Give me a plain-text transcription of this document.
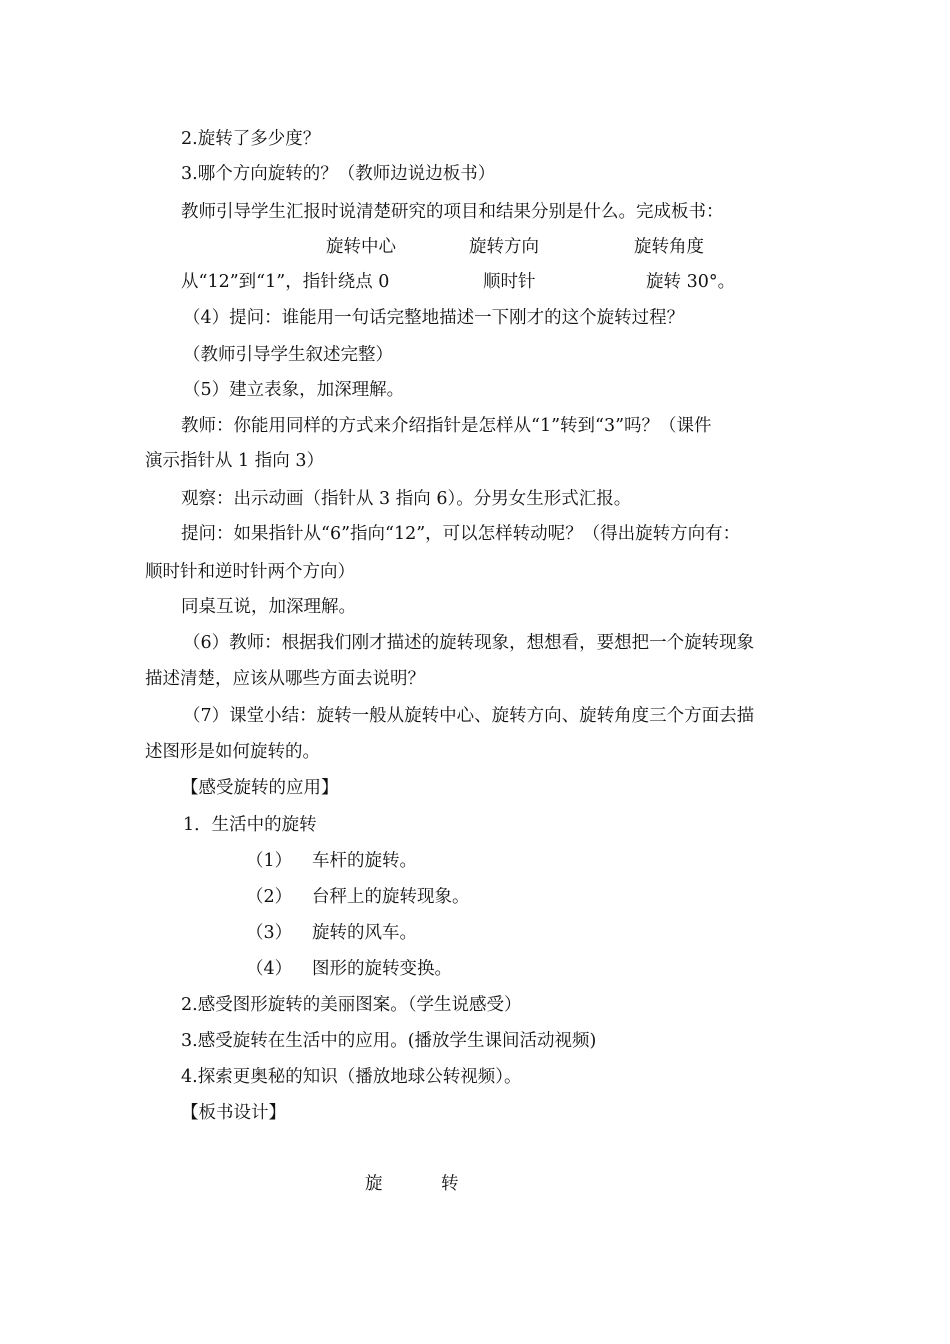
2.旋转了多少度？
3.哪个方向旋转的？（教师边说边板书）
教师引导学生汇报时说清楚研究的项目和结果分别是什么。完成板书：
旋转中心	旋转方向	旋转角度
从“12”到“1”，指针绕点 0	顺时针	旋转 30°。
（4）提问：谁能用一句话完整地描述一下刚才的这个旋转过程？
（教师引导学生叙述完整）
（5）建立表象，加深理解。
教师：你能用同样的方式来介绍指针是怎样从“1”转到“3”吗？（课件
演示指针从 1 指向 3）
观察：出示动画（指针从 3 指向 6）。分男女生形式汇报。
提问：如果指针从“6”指向“12”，可以怎样转动呢？（得出旋转方向有：
顺时针和逆时针两个方向）
同桌互说，加深理解。
（6）教师：根据我们刚才描述的旋转现象，想想看，要想把一个旋转现象
描述清楚，应该从哪些方面去说明？
（7）课堂小结：旋转一般从旋转中心、旋转方向、旋转角度三个方面去描
述图形是如何旋转的。
【感受旋转的应用】
1．生活中的旋转
（1） 车杆的旋转。
（2） 台秤上的旋转现象。
（3） 旋转的风车。
（4） 图形的旋转变换。
2.感受图形旋转的美丽图案。（学生说感受）
3.感受旋转在生活中的应用。(播放学生课间活动视频)
4.探索更奥秘的知识（播放地球公转视频）。
【板书设计】
旋	转
